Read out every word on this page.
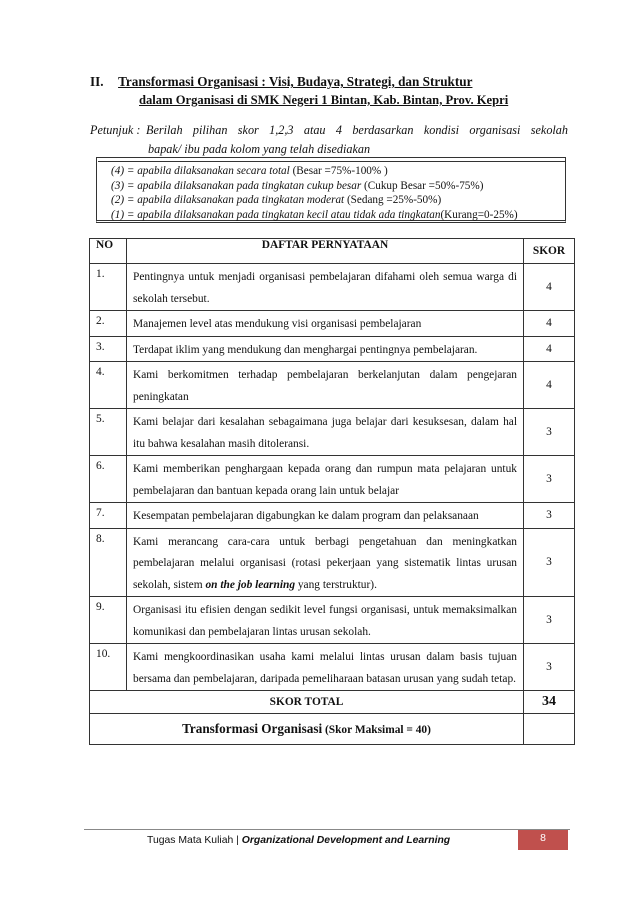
II. Transformasi Organisasi : Visi, Budaya, Strategi, dan Struktur
dalam Organisasi di SMK Negeri 1 Bintan, Kab. Bintan, Prov. Kepri
Petunjuk : Berilah pilihan skor 1,2,3 atau 4 berdasarkan kondisi organisasi sekolah
bapak/ ibu pada kolom yang telah disediakan
(4) = apabila dilaksanakan secara total (Besar =75%-100% )
(3) = apabila dilaksanakan pada tingkatan cukup besar (Cukup Besar =50%-75%)
(2) = apabila dilaksanakan pada tingkatan moderat (Sedang =25%-50%)
(1) = apabila dilaksanakan pada tingkatan kecil atau tidak ada tingkatan(Kurang=0-25%)
NO	DAFTAR PERNYATAAN	SKOR
1.	Pentingnya untuk menjadi organisasi pembelajaran difahami oleh semua warga di sekolah tersebut.	4
2.	Manajemen level atas mendukung visi organisasi pembelajaran	4
3.	Terdapat iklim yang mendukung dan menghargai pentingnya pembelajaran.	4
4.	Kami berkomitmen terhadap pembelajaran berkelanjutan dalam pengejaran peningkatan	4
5.	Kami belajar dari kesalahan sebagaimana juga belajar dari kesuksesan, dalam hal itu bahwa kesalahan masih ditoleransi.	3
6.	Kami memberikan penghargaan kepada orang dan rumpun mata pelajaran untuk pembelajaran dan bantuan kepada orang lain untuk belajar	3
7.	Kesempatan pembelajaran digabungkan ke dalam program dan pelaksanaan	3
8.	Kami merancang cara-cara untuk berbagi pengetahuan dan meningkatkan pembelajaran melalui organisasi (rotasi pekerjaan yang sistematik lintas urusan sekolah, sistem on the job learning yang terstruktur).	3
9.	Organisasi itu efisien dengan sedikit level fungsi organisasi, untuk memaksimalkan komunikasi dan pembelajaran lintas urusan sekolah.	3
10.	Kami mengkoordinasikan usaha kami melalui lintas urusan dalam basis tujuan bersama dan pembelajaran, daripada pemeliharaan batasan urusan yang sudah tetap.	3
SKOR TOTAL		34
Transformasi Organisasi (Skor Maksimal = 40)		
Tugas Mata Kuliah | Organizational Development and Learning	8
